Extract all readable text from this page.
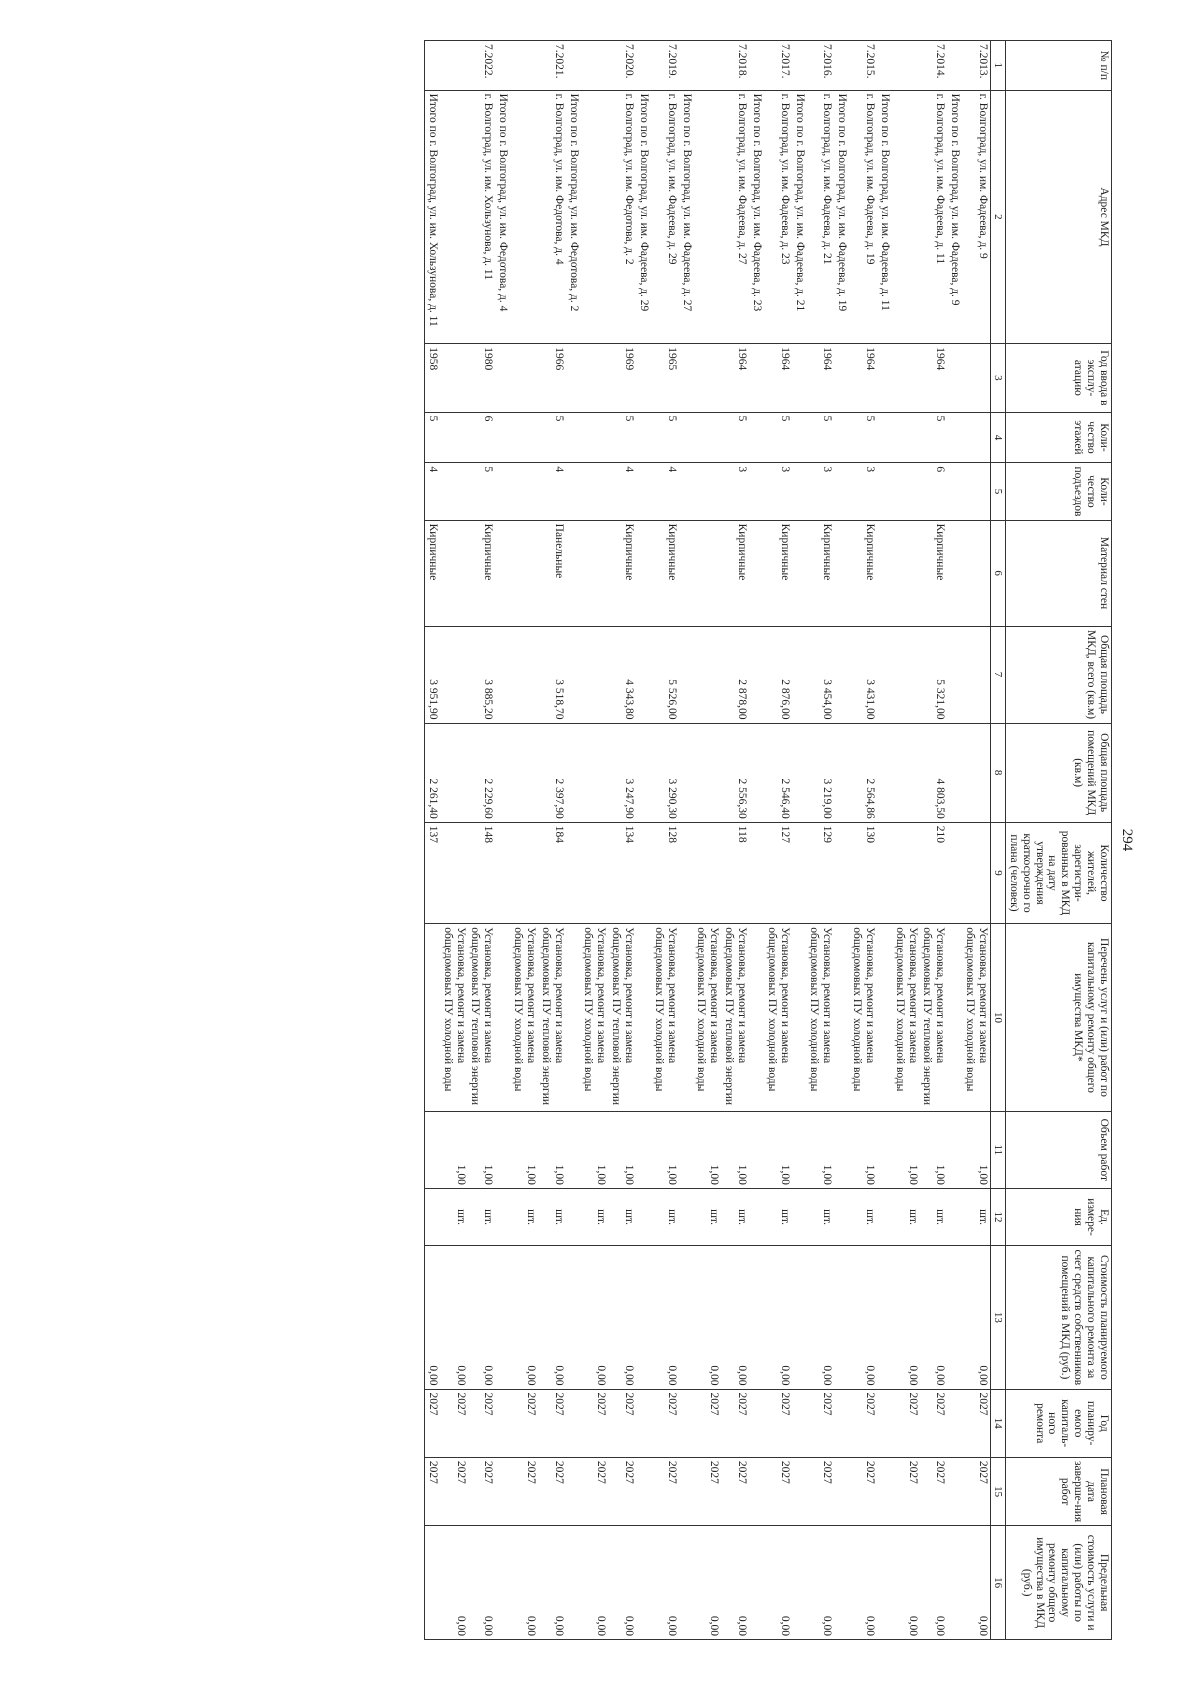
294
№ п/п	Адрес МКД	Год ввода в эксплу-атацию	Коли-чество этажей	Коли-чество подъездов	Материал стен	Общая площадь МКД, всего (кв.м)	Общая площадь помещений МКД (кв.м)	Количество жителей, зарегистри-рованных в МКД на дату утверждения краткосрочно го плана (человек)	Перечень услуг и (или) работ по капитальному ремонту общего имущества МКД*	Объем работ	Ед. измере-ния	Стоимость планируемого капитального ремонта за счет средств собственников помещений в МКД (руб.)	Год планиру-емого капиталь-ного ремонта	Плановая дата заверше-ния работ	Предельная стоимость услуги и (или) работы по капитальному ремонту общего имущества в МКД (руб.)
1	2	3	4	5	6	7	8	9	10	11	12	13	14	15	16
7.2013.	г. Волгоград, ул. им. Фадеева, д. 9								Установка, ремонт и замена общедомовых ПУ холодной воды	1,00	шт.	0,00	2027	2027	0,00
	Итого по г. Волгоград, ул. им. Фадеева, д. 9														
7.2014.	г. Волгоград, ул. им. Фадеева, д. 11	1964	5	6	Кирпичные	5 321,00	4 803,50	210	Установка, ремонт и замена общедомовых ПУ тепловой энергии	1,00	шт.	0,00	2027	2027	0,00
									Установка, ремонт и замена общедомовых ПУ холодной воды	1,00	шт.	0,00	2027	2027	0,00
	Итого по г. Волгоград, ул. им. Фадеева, д. 11														
7.2015.	г. Волгоград, ул. им. Фадеева, д. 19	1964	5	3	Кирпичные	3 431,00	2 564,86	130	Установка, ремонт и замена общедомовых ПУ холодной воды	1,00	шт.	0,00	2027	2027	0,00
	Итого по г. Волгоград, ул. им. Фадеева, д. 19														
7.2016.	г. Волгоград, ул. им. Фадеева, д. 21	1964	5	3	Кирпичные	3 454,00	3 219,00	129	Установка, ремонт и замена общедомовых ПУ холодной воды	1,00	шт.	0,00	2027	2027	0,00
	Итого по г. Волгоград, ул. им. Фадеева, д. 21														
7.2017.	г. Волгоград, ул. им. Фадеева, д. 23	1964	5	3	Кирпичные	2 876,00	2 546,40	127	Установка, ремонт и замена общедомовых ПУ холодной воды	1,00	шт.	0,00	2027	2027	0,00
	Итого по г. Волгоград, ул. им. Фадеева, д. 23														
7.2018.	г. Волгоград, ул. им. Фадеева, д. 27	1964	5	3	Кирпичные	2 878,00	2 556,30	118	Установка, ремонт и замена общедомовых ПУ тепловой энергии	1,00	шт.	0,00	2027	2027	0,00
									Установка, ремонт и замена общедомовых ПУ холодной воды	1,00	шт.	0,00	2027	2027	0,00
	Итого по г. Волгоград, ул. им. Фадеева, д. 27														
7.2019.	г. Волгоград, ул. им. Фадеева, д. 29	1965	5	4	Кирпичные	5 526,00	3 290,30	128	Установка, ремонт и замена общедомовых ПУ холодной воды	1,00	шт.	0,00	2027	2027	0,00
	Итого по г. Волгоград, ул. им. Фадеева, д. 29														
7.2020.	г. Волгоград, ул. им. Федотова, д. 2	1969	5	4	Кирпичные	4 343,80	3 247,90	134	Установка, ремонт и замена общедомовых ПУ тепловой энергии	1,00	шт.	0,00	2027	2027	0,00
									Установка, ремонт и замена общедомовых ПУ холодной воды	1,00	шт.	0,00	2027	2027	0,00
	Итого по г. Волгоград, ул. им. Федотова, д. 2														
7.2021.	г. Волгоград, ул. им. Федотова, д. 4	1966	5	4	Панельные	3 518,70	2 397,90	184	Установка, ремонт и замена общедомовых ПУ тепловой энергии	1,00	шт.	0,00	2027	2027	0,00
									Установка, ремонт и замена общедомовых ПУ холодной воды	1,00	шт.	0,00	2027	2027	0,00
	Итого по г. Волгоград, ул. им. Федотова, д. 4														
7.2022.	г. Волгоград, ул. им. Хользунова, д. 11	1980	6	5	Кирпичные	3 885,20	2 229,60	148	Установка, ремонт и замена общедомовых ПУ тепловой энергии	1,00	шт.	0,00	2027	2027	0,00
									Установка, ремонт и замена общедомовых ПУ холодной воды	1,00	шт.	0,00	2027	2027	0,00
	Итого по г. Волгоград, ул. им. Хользунова, д. 11	1958	5	4	Кирпичные	3 951,90	2 261,40	137				0,00	2027	2027	
